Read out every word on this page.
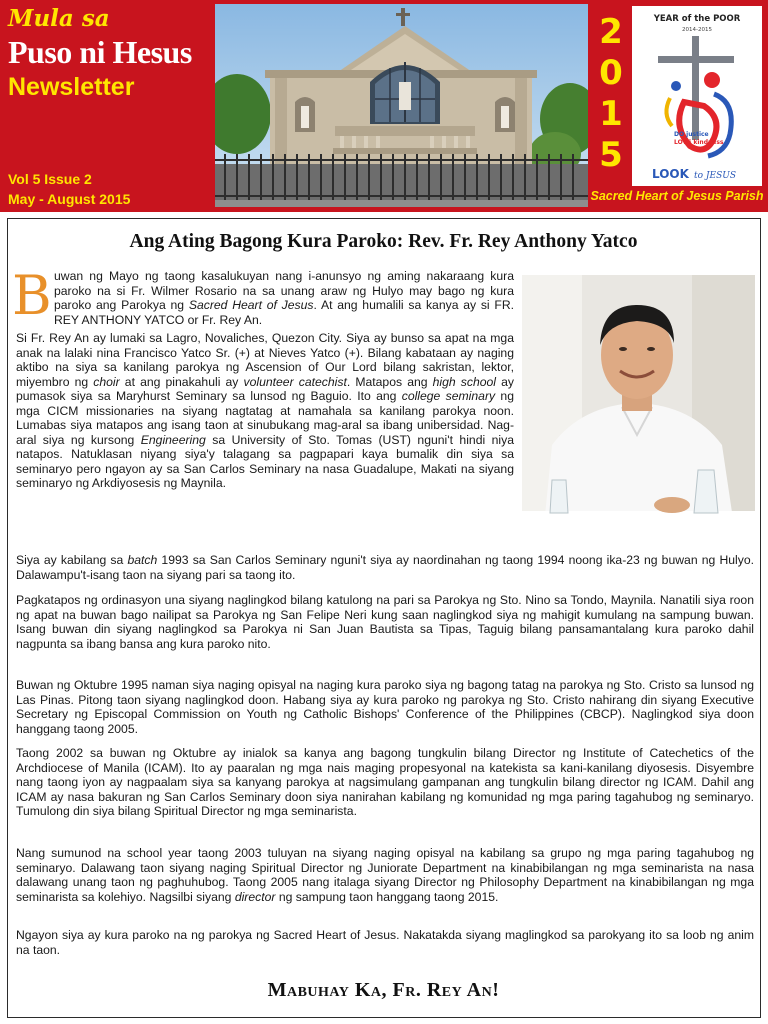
Mula sa
Puso ni Hesus
Newsletter
Vol 5 Issue 2
May - August 2015
2
0
1
5
YEAR of the POOR
2014-2015
DO justice
LOVE kindness
LOOK to JESUS
Sacred Heart of Jesus Parish
Ang Ating Bagong Kura Paroko: Rev. Fr. Rey Anthony Yatco
B uwan ng Mayo ng taong kasalukuyan nang i-anunsyo ng aming nakaraang kura paroko na si Fr. Wilmer Rosario na sa unang araw ng Hulyo may bago ng kura paroko ang Parokya ng Sacred Heart of Jesus. At ang humalili sa kanya ay si FR. REY ANTHONY YATCO or Fr. Rey An.

Si Fr. Rey An ay lumaki sa Lagro, Novaliches, Quezon City. Siya ay bunso sa apat na mga anak na lalaki nina Francisco Yatco Sr. (+) at Nieves Yatco (+). Bilang kabataan ay naging aktibo na siya sa kanilang parokya ng Ascension of Our Lord bilang sakristan, lektor, miyembro ng choir at ang pinakahuli ay volunteer catechist. Matapos ang high school ay pumasok siya sa Maryhurst Seminary sa lunsod ng Baguio. Ito ang college seminary ng mga CICM missionaries na siyang nagtatag at namahala sa kanilang parokya noon. Lumabas siya matapos ang isang taon at sinubukang mag-aral sa ibang unibersidad. Nag-aral siya ng kursong Engineering sa University of Sto. Tomas (UST) nguni't hindi niya natapos. Natuklasan niyang siya'y talagang sa pagpapari kaya bumalik din siya sa seminaryo pero ngayon ay sa San Carlos Seminary na nasa Guadalupe, Makati na siyang seminaryo ng Arkdiyosesis ng Maynila.

Siya ay kabilang sa batch 1993 sa San Carlos Seminary nguni't siya ay naordinahan ng taong 1994 noong ika-23 ng buwan ng Hulyo. Dalawampu't-isang taon na siyang pari sa taong ito.

Pagkatapos ng ordinasyon una siyang naglingkod bilang katulong na pari sa Parokya ng Sto. Nino sa Tondo, Maynila. Nanatili siya roon ng apat na buwan bago nailipat sa Parokya ng San Felipe Neri kung saan naglingkod siya ng mahigit kumulang na sampung buwan. Isang buwan din siyang naglingkod sa Parokya ni San Juan Bautista sa Tipas, Taguig bilang pansamantalang kura paroko dahil nagpunta sa ibang bansa ang kura paroko nito.

Buwan ng Oktubre 1995 naman siya naging opisyal na naging kura paroko siya ng bagong tatag na parokya ng Sto. Cristo sa lunsod ng Las Pinas. Pitong taon siyang naglingkod doon. Habang siya ay kura paroko ng parokya ng Sto. Cristo nahirang din siyang Executive Secretary ng Episcopal Commission on Youth ng Catholic Bishops' Conference of the Philippines (CBCP). Naglingkod siya doon hanggang taong 2005.

Taong 2002 sa buwan ng Oktubre ay inialok sa kanya ang bagong tungkulin bilang Director ng Institute of Catechetics of the Archdiocese of Manila (ICAM). Ito ay paaralan ng mga nais maging propesyonal na katekista sa kani-kanilang diyosesis. Disyembre nang taong iyon ay nagpaalam siya sa kanyang parokya at nagsimulang gampanan ang tungkulin bilang director ng ICAM. Dahil ang ICAM ay nasa bakuran ng San Carlos Seminary doon siya nanirahan kabilang ng komunidad ng mga paring tagahubog ng seminaryo. Tumulong din siya bilang Spiritual Director ng mga seminarista.

Nang sumunod na school year taong 2003 tuluyan na siyang naging opisyal na kabilang sa grupo ng mga paring tagahubog ng seminaryo. Dalawang taon siyang naging Spiritual Director ng Juniorate Department na kinabibilangan ng mga seminarista na nasa dalawang unang taon ng paghuhubog. Taong 2005 nang italaga siyang Director ng Philosophy Department na kinabibilangan ng mga seminarista sa kolehiyo. Nagsilbi siyang director ng sampung taon hanggang taong 2015.

Ngayon siya ay kura paroko na ng parokya ng Sacred Heart of Jesus. Nakatakda siyang maglingkod sa parokyang ito sa loob ng anim na taon.

Mabuhay Ka, Fr. Rey An!
